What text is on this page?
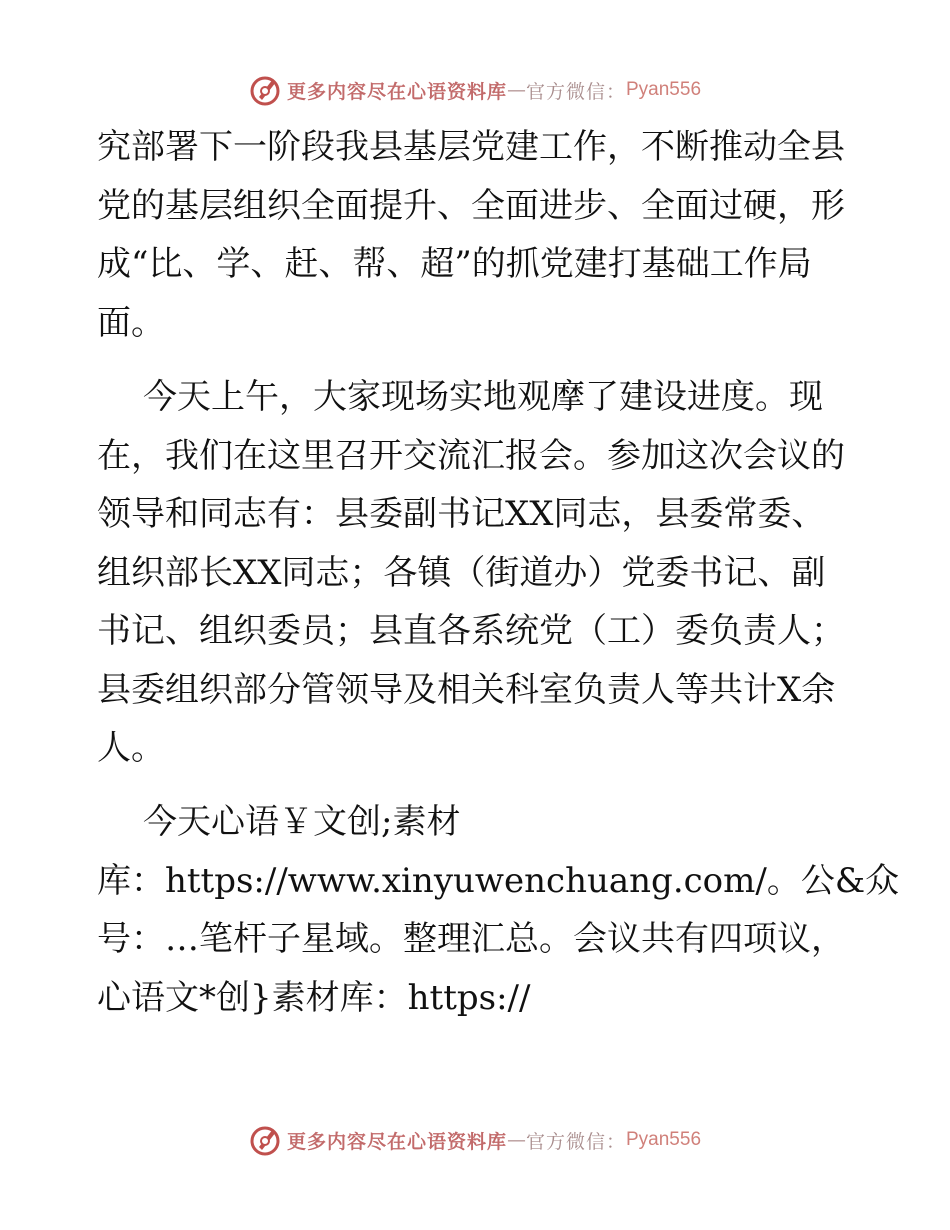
更多内容尽在心语资料库 — 官方微信： Pyan556
究部署下一阶段我县基层党建工作，不断推动全县
党的基层组织全面提升、全面进步、全面过硬，形
成“比、学、赶、帮、超”的抓党建打基础工作局
面。
今天上午，大家现场实地观摩了建设进度。现
在，我们在这里召开交流汇报会。参加这次会议的
领导和同志有：县委副书记XX同志，县委常委、
组织部长XX同志；各镇（街道办）党委书记、副
书记、组织委员；县直各系统党（工）委负责人；
县委组织部分管领导及相关科室负责人等共计X余
人。
今天心语￥文创;素材
库：https://www.xinyuwenchuang.com/。公&众
号：…笔杆子星域。整理汇总。会议共有四项议，
心语文*创}素材库：https://
更多内容尽在心语资料库 — 官方微信： Pyan556
